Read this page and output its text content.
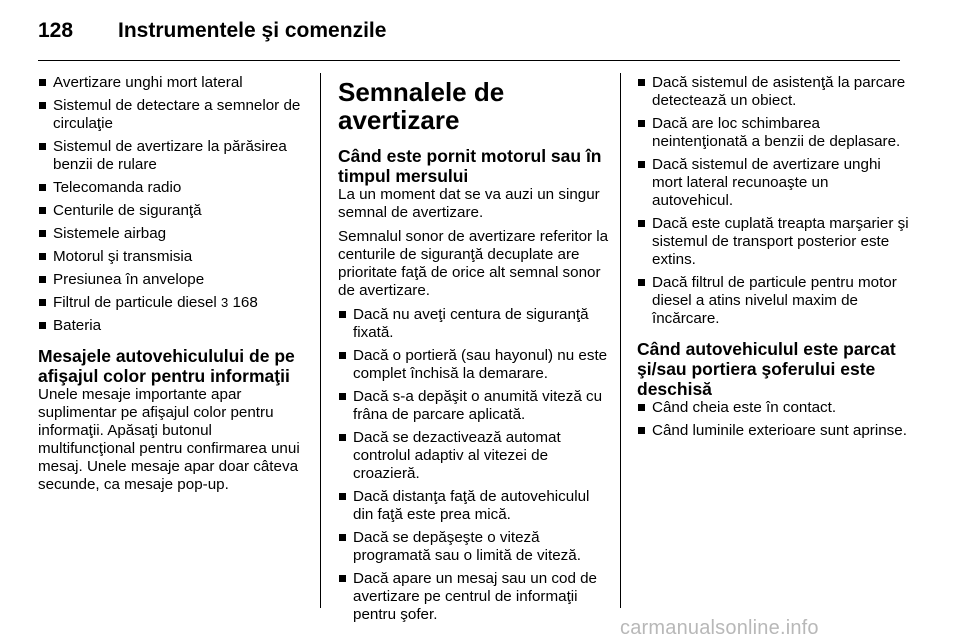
128 Instrumentele şi comenzile
Avertizare unghi mort lateral
Sistemul de detectare a semnelor de circulaţie
Sistemul de avertizare la părăsirea benzii de rulare
Telecomanda radio
Centurile de siguranţă
Sistemele airbag
Motorul şi transmisia
Presiunea în anvelope
Filtrul de particule diesel 3 168
Bateria
Mesajele autovehiculului de pe afişajul color pentru informaţii

Unele mesaje importante apar suplimentar pe afişajul color pentru informaţii. Apăsaţi butonul multifuncţional pentru confirmarea unui mesaj. Unele mesaje apar doar câteva secunde, ca mesaje pop-up.

Semnalele de avertizare
Când este pornit motorul sau în timpul mersului

La un moment dat se va auzi un singur semnal de avertizare.

Semnalul sonor de avertizare referitor la centurile de siguranţă decuplate are prioritate faţă de orice alt semnal sonor de avertizare.

Dacă nu aveţi centura de siguranţă fixată.
Dacă o portieră (sau hayonul) nu este complet închisă la demarare.
Dacă s-a depăşit o anumită viteză cu frâna de parcare aplicată.
Dacă se dezactivează automat controlul adaptiv al vitezei de croazieră.
Dacă distanţa faţă de autovehiculul din faţă este prea mică.
Dacă se depăşeşte o viteză programată sau o limită de viteză.
Dacă apare un mesaj sau un cod de avertizare pe centrul de informaţii pentru şofer.
Dacă sistemul de asistenţă la parcare detectează un obiect.
Dacă are loc schimbarea neintenţionată a benzii de deplasare.
Dacă sistemul de avertizare unghi mort lateral recunoaşte un autovehicul.
Dacă este cuplată treapta marşarier şi sistemul de transport posterior este extins.
Dacă filtrul de particule pentru motor diesel a atins nivelul maxim de încărcare.
Când autovehiculul este parcat şi/sau portiera şoferului este deschisă
Când cheia este în contact.
Când luminile exterioare sunt aprinse.
carmanualsonline.info
